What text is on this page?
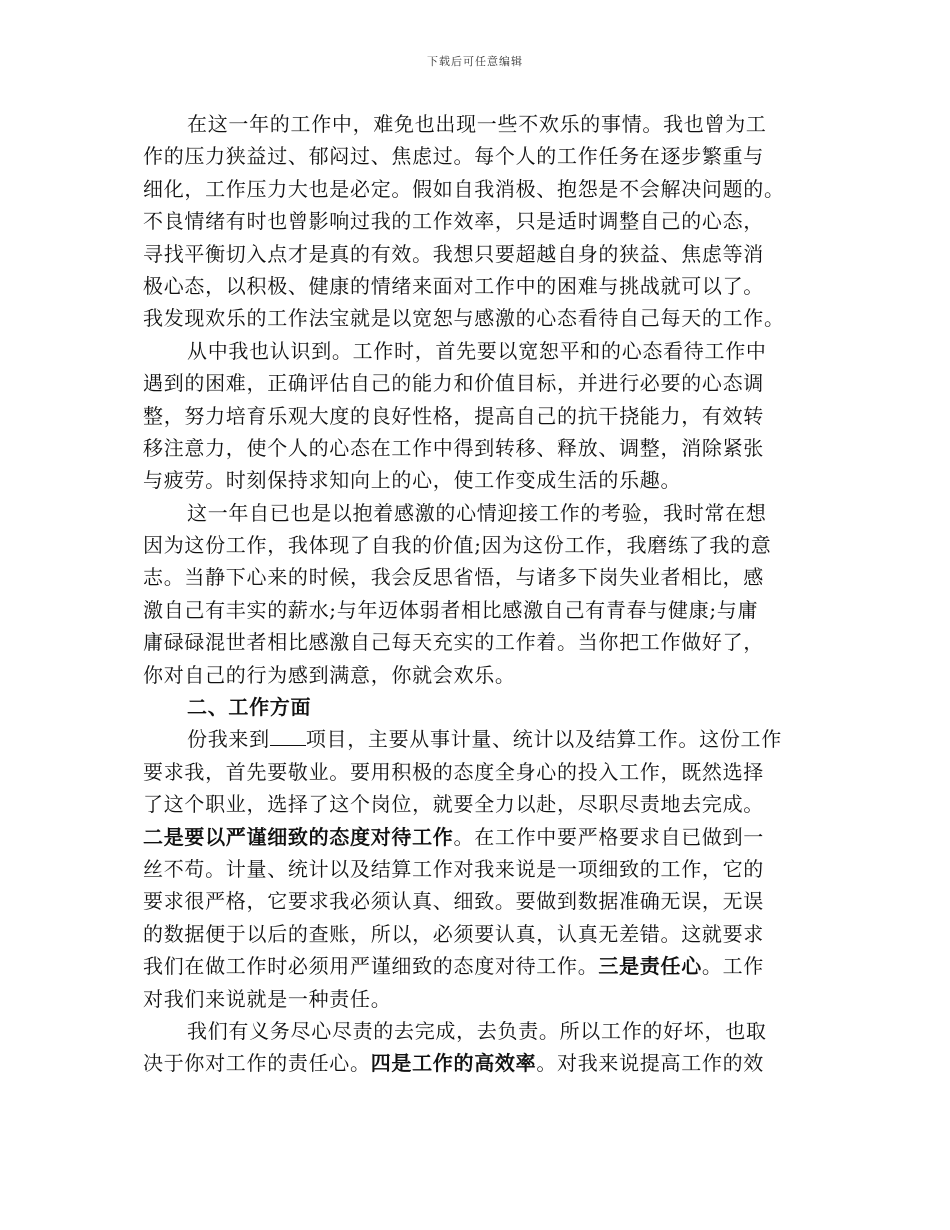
下载后可任意编辑
在这一年的工作中，难免也出现一些不欢乐的事情。我也曾为工
作的压力狭益过、郁闷过、焦虑过。每个人的工作任务在逐步繁重与
细化，工作压力大也是必定。假如自我消极、抱怨是不会解决问题的。
不良情绪有时也曾影响过我的工作效率，只是适时调整自己的心态，
寻找平衡切入点才是真的有效。我想只要超越自身的狭益、焦虑等消
极心态，以积极、健康的情绪来面对工作中的困难与挑战就可以了。
我发现欢乐的工作法宝就是以宽恕与感激的心态看待自己每天的工作。
从中我也认识到。工作时，首先要以宽恕平和的心态看待工作中
遇到的困难，正确评估自己的能力和价值目标，并进行必要的心态调
整，努力培育乐观大度的良好性格，提高自己的抗干挠能力，有效转
移注意力，使个人的心态在工作中得到转移、释放、调整，消除紧张
与疲劳。时刻保持求知向上的心，使工作变成生活的乐趣。
这一年自已也是以抱着感激的心情迎接工作的考验，我时常在想
因为这份工作，我体现了自我的价值;因为这份工作，我磨练了我的意
志。当静下心来的时候，我会反思省悟，与诸多下岗失业者相比，感
激自己有丰实的薪水;与年迈体弱者相比感激自己有青春与健康;与庸
庸碌碌混世者相比感激自己每天充实的工作着。当你把工作做好了，
你对自己的行为感到满意，你就会欢乐。
二、工作方面
份我来到 项目，主要从事计量、统计以及结算工作。这份工作
要求我，首先要敬业。要用积极的态度全身心的投入工作，既然选择
了这个职业，选择了这个岗位，就要全力以赴，尽职尽责地去完成。
二是要以严谨细致的态度对待工作。在工作中要严格要求自已做到一
丝不苟。计量、统计以及结算工作对我来说是一项细致的工作，它的
要求很严格，它要求我必须认真、细致。要做到数据准确无误，无误
的数据便于以后的查账，所以，必须要认真，认真无差错。这就要求
我们在做工作时必须用严谨细致的态度对待工作。三是责任心。工作
对我们来说就是一种责任。
我们有义务尽心尽责的去完成，去负责。所以工作的好坏，也取
决于你对工作的责任心。四是工作的高效率。对我来说提高工作的效
